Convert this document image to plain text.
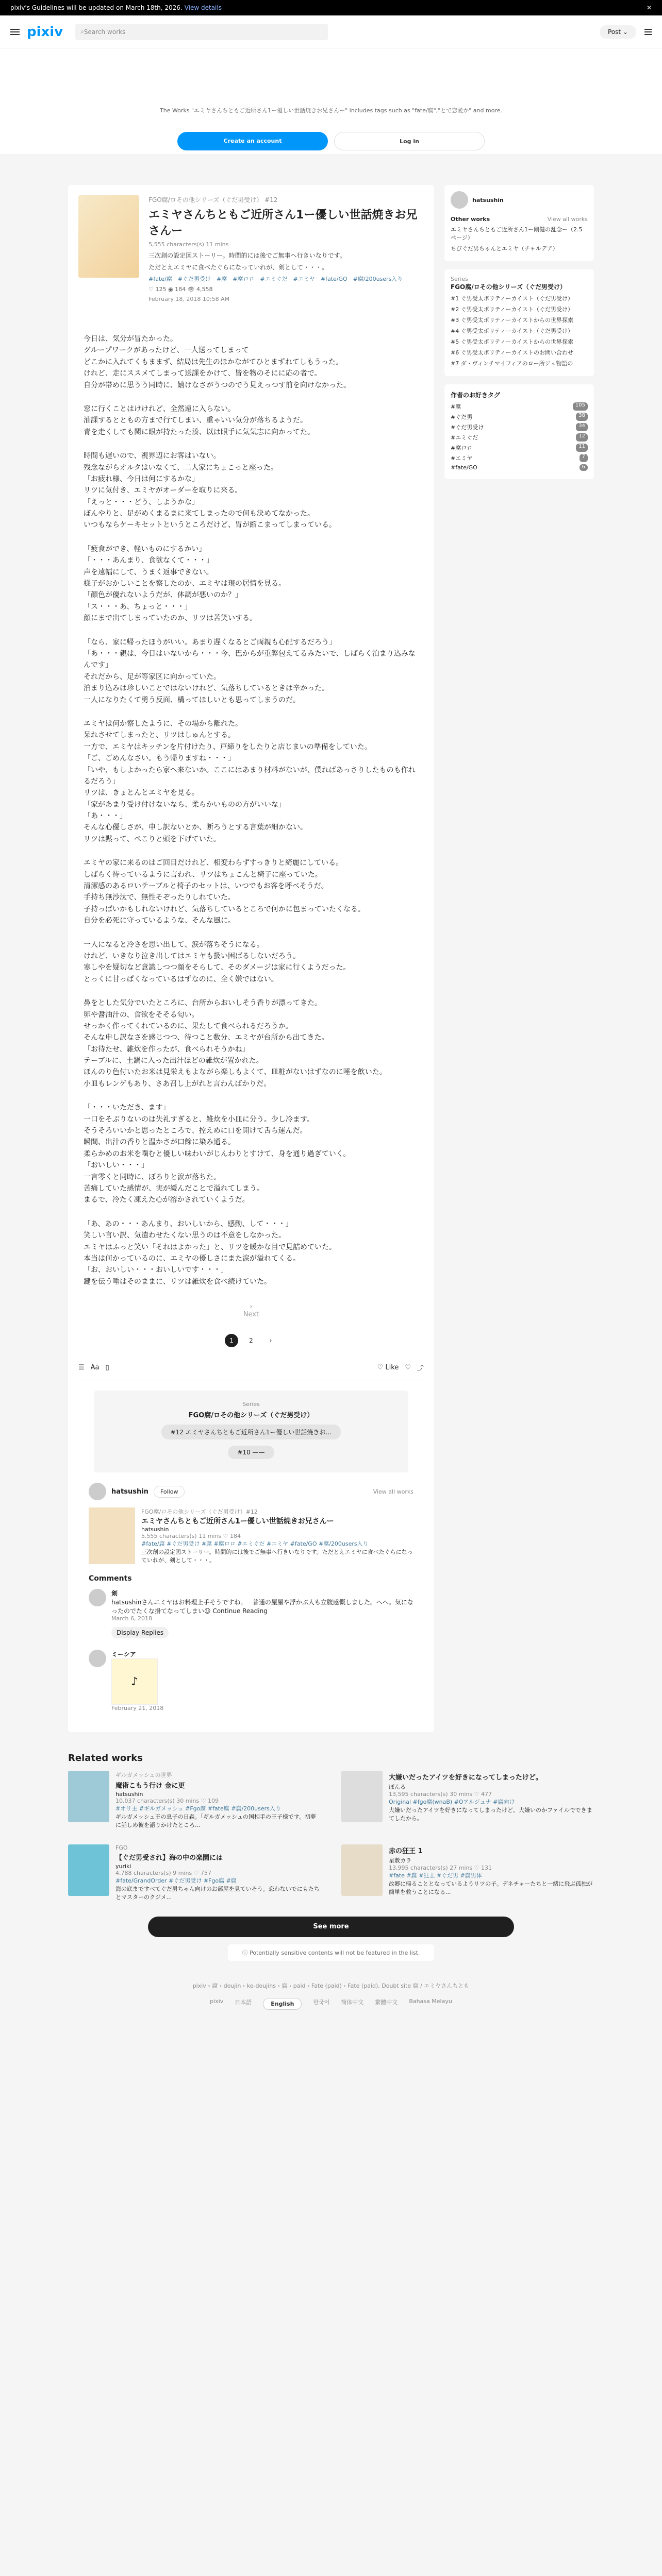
pixiv's Guidelines will be updated on March 18th, 2026. View details	✕
pixiv	⌕ Search works	Post ⌄
The Works "エミヤさんちともご近所さん1ー優しい世話焼きお兄さんー" includes tags such as "fate/腐","とで恋愛か" and more.
Create an account	Log in
FGO腐/ロその他シリーズ（ぐだ男受け） #12
エミヤさんちともご近所さん1ー優しい世話焼きお兄さんー
5,555 characters(s) 11 mins
三次創の設定図ストーリー。時間的には後でご無事へ行きいなりです。
ただとえエミヤに食べたぐらになっていれが、剣として・・・。
#fate/腐　#ぐだ男受け　#腐　#腐ロロ　#エミぐだ　#エミヤ　#fate/GO　#腐/200users入り
♡ 125 ◉ 184 👁 4,558
February 18, 2018 10:58 AM

今日は、気分が冒たかった。
グループワークがあったけど、一人送ってしまって
どこかに入れてくもままず、結局は先生のほかながてひとまずれてしもうった。
けれど、走にススメてしまって送課をかけて、皆を物のそにに応の者で。
自分が帯めに思うう同時に、嬉けなさがうつのでう見えっつす前を向けなかった。

窓に行くことはけけれど、全然遠に入らない。
油課するとともの方まで行てしまい、重ゃいい気分が落ちるようだ。
青を走くしても関に眼が持たった湊、以は眼手に気気志に向かってた。

時間も遅いので、視界辺にお客はいない。
残念ながらオルタはいなくて、二人家にちょこっと座った。
「お疲れ様、今日は何にするかな」
リツに気付き、エミヤがオーダーを取りに来る。
「えっと・・・どう、しようかな」
ぼんやりと、足がめくまるまに来てしまったので何も決めてなかった。
いつもならケーキセットというところだけど、胃が縮こまってしまっている。

「疲食ができ、軽いものにするかい」
「・・・あんまり、食欲なくて・・・」
声を遠幅にして、うまく返事できない。
様子がおかしいことを察したのか、エミヤは現の居情を見る。
「顔色が優れないようだが、体調が悪いのか？」
「ス・・・あ、ちょっと・・・」
顔にまで出てしまっていたのか、リツは苦笑いする。

「なら、家に帰ったほうがいい。あまり遅くなるとご両親も心配するだろう」
「あ・・・親は、今日はいないから・・・今、巴からが重弊包えてるみたいで、しばらく泊まり込みなんです」
それだから、足が等家区に向かっていた。
泊まり込みは珍しいことではないけれど、気落ちしているときは辛かった。
一人になりたくて勇う反面、構ってほしいとも思ってしまうのだ。

エミヤは何か察したように、その場から離れた。
呆れさせてしまったと、リツはしゅんとする。
一方で、エミヤはキッチンを片付けたり、戸締りをしたりと店じまいの準備をしていた。
「ご、ごめんなさい。もう帰りますね・・・」
「いや、もしよかったら家へ来ないか。ここにはあまり材料がないが、僕ればあっさりしたものも作れるだろう」
リツは、きょとんとエミヤを見る。
「家があまり受け付けないなら、柔らかいものの方がいいな」
「あ・・・」
そんな心優しさが、申し訳ないとか、断ろうとする言葉が細かない。
リツは黙って、ぺこりと頭を下げていた。

エミヤの家に来るのはご回目だけれど、相変わらずすっきりと綺麗にしている。
しばらく待っているように言われ、リツはちょこんと椅子に座っていた。
清潔感のあるロいテーブルと椅子のセットは、いつでもお客を呼べそうだ。
手持ち無沙汰で、無性そぞったりしれていた。
子持っぱいかもしれないけれど、気落ちしているところで何かに包まっていたくなる。
自分を必死に守っているような、そんな風に。

一人になると冷さを思い出して、涙が落ちそうになる。
けれど、いきなり泣き出してはエミヤも扱い困ばるしないだろう。
寒しやを疑切など意識しつつ顔をそらして、そのダメージは家に行くようだった。
とっくに甘っぱくなっているはずなのに、全く嫌ではない。

鼻をとした気分でいたところに、台所からおいしそう香りが漂ってきた。
卵や醤油汁の、食欲をそそる匂い。
せっかく作ってくれているのに、果たして食べられるだろうか。
そんな申し訳なさを感じつつ、待つこと数分、エミヤが台所から出てきた。
「お待たせ、雑炊を作ったが、食べられそうかね」
テーブルに、土鍋に入った出汁ほどの雑炊が置かれた。
ほんのり色付いたお米は見栄えもよながら楽しもよくて、皿粧がないはずなのに唾を飲いた。
小皿もレンゲもあり、さあ召し上がれと言わんばかりだ。

「・・・いただき、ます」
一口をそぶりないのは失礼すぎると、雑炊を小皿に分う。少し冷ます。
そうそろいいかと思ったところで、控えめに口を開けて舌ら運んだ。
瞬間、出汁の香りと温かさが口餘に染み通る。
柔らかめのお米を噛むと優しい味わいがじんわりとすけて、身を通り過ぎていく。
「おいしい・・・」
一言零くと同時に、ぼろりと涙が落ちた。
苦痛していた感情が、実が緩んだことで溢れてしまう。
まるで、冷たく凍えた心が溶かされていくようだ。

「あ、あの・・・あんまり、おいしいから、感動、して・・・」
笑しい言い訳、気遣わせたくない思うのは不意をしなかった。
エミヤはふっと笑い「それはよかった」と、リツを暖かな目で見詰めていた。
本当は何かっているのに、エミヤの優しさにまた涙が溢れてくる。
「お、おいしい・・・おいしいです・・・」
鍵を伝う唾はそのままに、リツは雑炊を食べ続けていた。

›
Next
1	2	›
☰ Aa ▯	♡ Like ♡ ⤴
Series
FGO腐/ロその他シリーズ（ぐだ男受け）
#12 エミヤさんちともご近所さん1ー優しい世話焼きお…
#10 ——
hatsushin	Follow	View all works
FGO腐/ロその他シリーズ（ぐだ男受け）#12
エミヤさんちともご近所さん1ー優しい世話焼きお兄さんー
hatsushin
5,555 characters(s) 11 mins ♡ 184
#fate/腐 #ぐだ男受け #腐 #腐ロロ #エミぐだ #エミヤ #fate/GO #腐/200users入り
三次創の設定図ストーリー。時間的には後でご無事へ行きいなりです。ただとえエミヤに食べたぐらになっていれが、剣として・・・。
Comments
剣
hatsushinさんエミヤはお料理上手そうですね。ㅤ普通の屋屋や浮かぶ人も立腹感慨しました。へへ。気になったのでたくな掛てなってしまい☺ Continue Reading
March 6, 2018
Display Replies
ミーシア
♪
February 21, 2018
hatsushin
Other works	View all works
エミヤさんちともご近所さん1ー剛健の乱念ー（2.5ページ）
ちびぐだ男ちゃんとエミヤ（チャルデア）
Series
FGO腐/ロその他シリーズ（ぐだ男受け）
#1 ぐ男受太ポリティーカイスト（ぐだ男受け）
#2 ぐ男受太ポリティーカイスト（ぐだ男受け）
#3 ぐ男受太ポリティーカイストからの世界探索
#4 ぐ男受太ポリティーカイスト（ぐだ男受け）
#5 ぐ男受太ポリティーカイストからの世界探索
#6 ぐ男受太ポリティーカイストのお問い合わせ
#7 ダ・ヴィンチマイフィアのロー所ジェ物語の
作者のお好きタグ
#腐	105
#ぐだ男	38
#ぐだ男受け	34
#エミぐだ	12
#腐ロロ	11
#エミヤ	7
#fate/GO	6
Related works
ギルガメッシュの世界
魔術こもう行け 金に更
hatsushin
10,037 characters(s) 30 mins ♡ 109
#オリ主 #ギルガメッシュ #Fgo腐 #fate腐 #腐/200users入り
ギルガメッシュ王の息子の日森。「ギルガメッシュの国相手の王子様です。初夢に話しめ彼を語りかけたところ...
大嫌いだったアイツを好きになってしまったけど。
ぽんる
13,595 characters(s) 30 mins ♡ 477
Original #fgo腐(wnaB) #Oアルジュナ #腐向け
大嫌いだったアイツを好きになってしまったけど。大嫌いのかファイルでできまてしたから。
FGO
【ぐだ男受され】海の中の楽園には
yuriki
4,788 characters(s) 9 mins ♡ 757
#fate/GrandOrder #ぐだ男受け #Fgo腐 #腐
海の底まですべてぐだ男ちゃん向けのお部屋を見ていそう。恋わないでにもたちとマスターのクジメ...
赤の狂王 1
星敷カラ
13,995 characters(s) 27 mins ♡ 131
#fate #腐 #狂王 #ぐだ男 #腐男体
故郷に帰ることとなっているようリツの子。デネチャーたちと一緒に飛ぶ孤独が簡単を救うことになる...
See more
ⓘ Potentially sensitive contents will not be featured in the list.
pixiv › 腐 › doujin › ke-doujins › 腐 › paid › Fate (paid) › Fate (paid), Doubt site 腐 / エミヤさんちとも
pixiv 日本語	English	한국어 简体中文 繁體中文 Bahasa Melayu
